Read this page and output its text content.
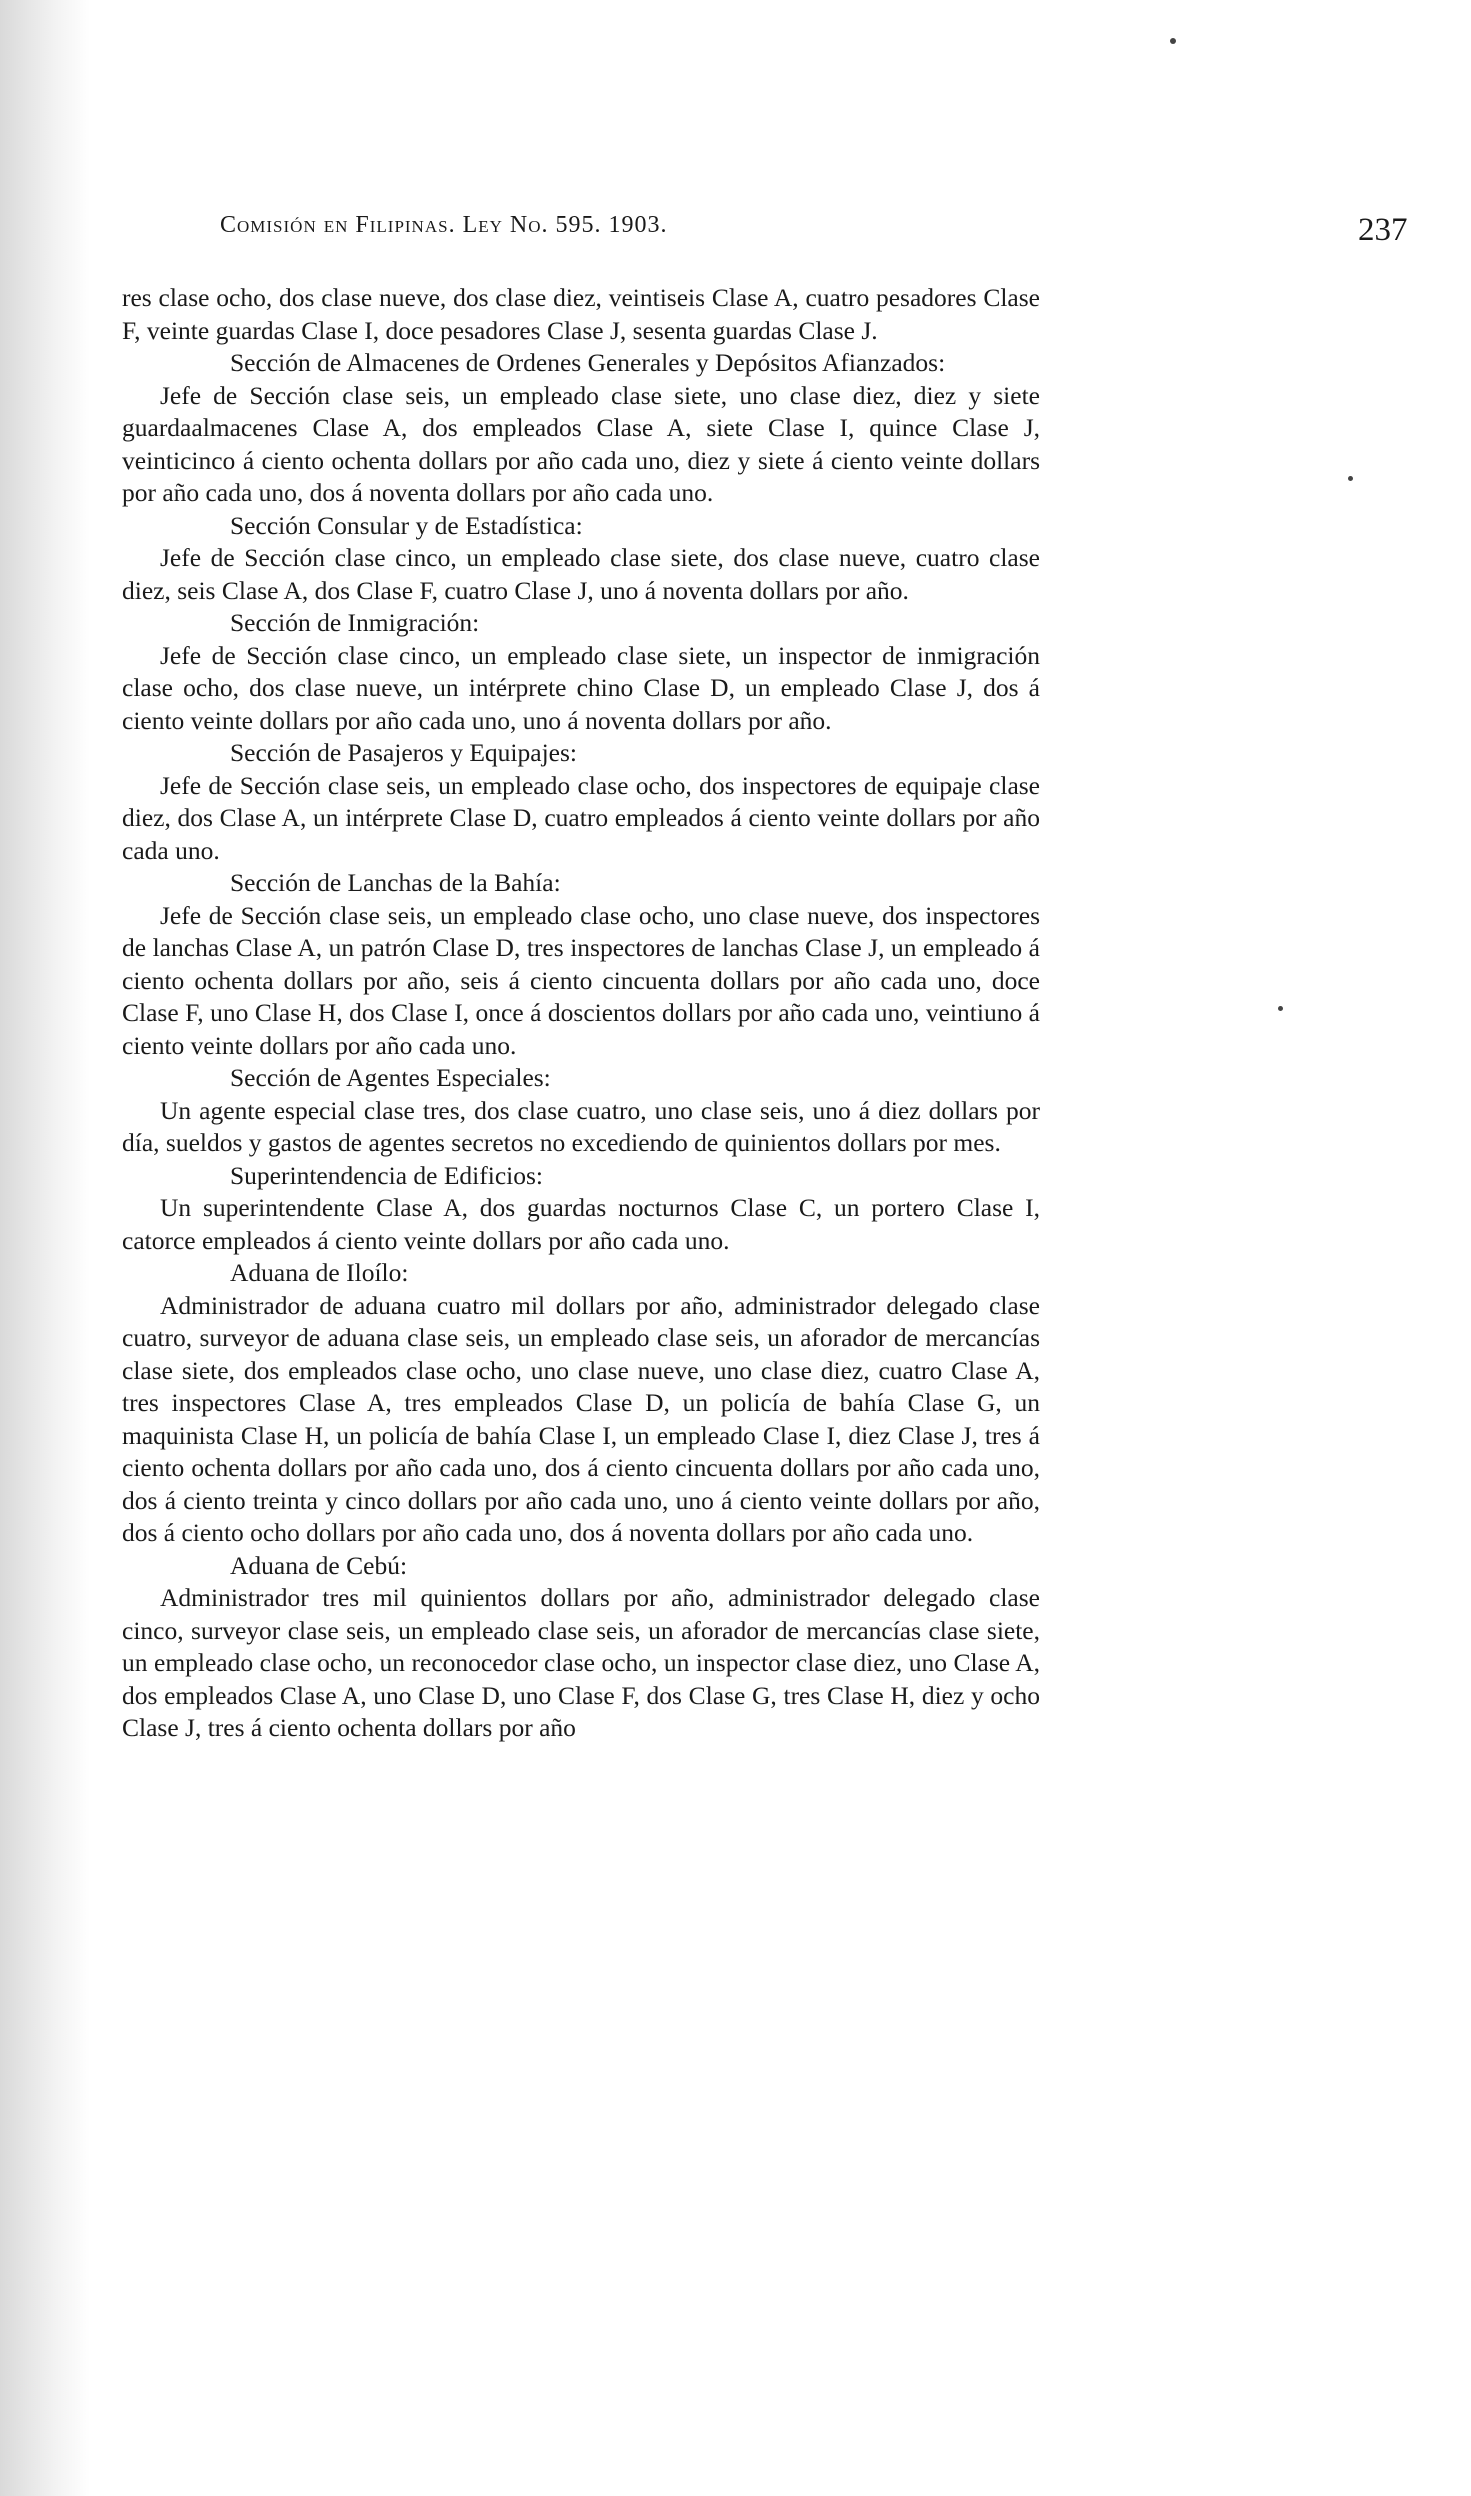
Comisión en Filipinas. Ley No. 595. 1903.	237

res clase ocho, dos clase nueve, dos clase diez, veintiseis Clase A, cuatro pesadores Clase F, veinte guardas Clase I, doce pesadores Clase J, sesenta guardas Clase J.

Sección de Almacenes de Ordenes Generales y Depósitos Afianzados:

Jefe de Sección clase seis, un empleado clase siete, uno clase diez, diez y siete guardaalmacenes Clase A, dos empleados Clase A, siete Clase I, quince Clase J, veinticinco á ciento ochenta dollars por año cada uno, diez y siete á ciento veinte dollars por año cada uno, dos á noventa dollars por año cada uno.

Sección Consular y de Estadística:

Jefe de Sección clase cinco, un empleado clase siete, dos clase nueve, cuatro clase diez, seis Clase A, dos Clase F, cuatro Clase J, uno á noventa dollars por año.

Sección de Inmigración:

Jefe de Sección clase cinco, un empleado clase siete, un inspector de inmigración clase ocho, dos clase nueve, un intérprete chino Clase D, un empleado Clase J, dos á ciento veinte dollars por año cada uno, uno á noventa dollars por año.

Sección de Pasajeros y Equipajes:

Jefe de Sección clase seis, un empleado clase ocho, dos inspectores de equipaje clase diez, dos Clase A, un intérprete Clase D, cuatro empleados á ciento veinte dollars por año cada uno.

Sección de Lanchas de la Bahía:

Jefe de Sección clase seis, un empleado clase ocho, uno clase nueve, dos inspectores de lanchas Clase A, un patrón Clase D, tres inspectores de lanchas Clase J, un empleado á ciento ochenta dollars por año, seis á ciento cincuenta dollars por año cada uno, doce Clase F, uno Clase H, dos Clase I, once á doscientos dollars por año cada uno, veintiuno á ciento veinte dollars por año cada uno.

Sección de Agentes Especiales:

Un agente especial clase tres, dos clase cuatro, uno clase seis, uno á diez dollars por día, sueldos y gastos de agentes secretos no excediendo de quinientos dollars por mes.

Superintendencia de Edificios:

Un superintendente Clase A, dos guardas nocturnos Clase C, un portero Clase I, catorce empleados á ciento veinte dollars por año cada uno.

Aduana de Iloílo:

Administrador de aduana cuatro mil dollars por año, administrador delegado clase cuatro, surveyor de aduana clase seis, un empleado clase seis, un aforador de mercancías clase siete, dos empleados clase ocho, uno clase nueve, uno clase diez, cuatro Clase A, tres inspectores Clase A, tres empleados Clase D, un policía de bahía Clase G, un maquinista Clase H, un policía de bahía Clase I, un empleado Clase I, diez Clase J, tres á ciento ochenta dollars por año cada uno, dos á ciento cincuenta dollars por año cada uno, dos á ciento treinta y cinco dollars por año cada uno, uno á ciento veinte dollars por año, dos á ciento ocho dollars por año cada uno, dos á noventa dollars por año cada uno.

Aduana de Cebú:

Administrador tres mil quinientos dollars por año, administrador delegado clase cinco, surveyor clase seis, un empleado clase seis, un aforador de mercancías clase siete, un empleado clase ocho, un reconocedor clase ocho, un inspector clase diez, uno Clase A, dos empleados Clase A, uno Clase D, uno Clase F, dos Clase G, tres Clase H, diez y ocho Clase J, tres á ciento ochenta dollars por año
